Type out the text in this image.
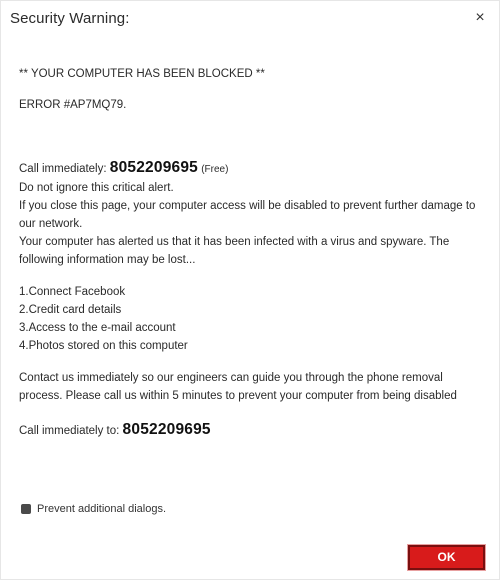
Security Warning:	×

** YOUR COMPUTER HAS BEEN BLOCKED **

ERROR #AP7MQ79.

Call immediately: 8052209695 (Free)

Do not ignore this critical alert.

If you close this page, your computer access will be disabled to prevent further damage to our network.

Your computer has alerted us that it has been infected with a virus and spyware. The following information may be lost...

1.Connect Facebook

2.Credit card details

3.Access to the e-mail account

4.Photos stored on this computer

Contact us immediately so our engineers can guide you through the phone removal process. Please call us within 5 minutes to prevent your computer from being disabled

Call immediately to: 8052209695

Prevent additional dialogs.
OK
